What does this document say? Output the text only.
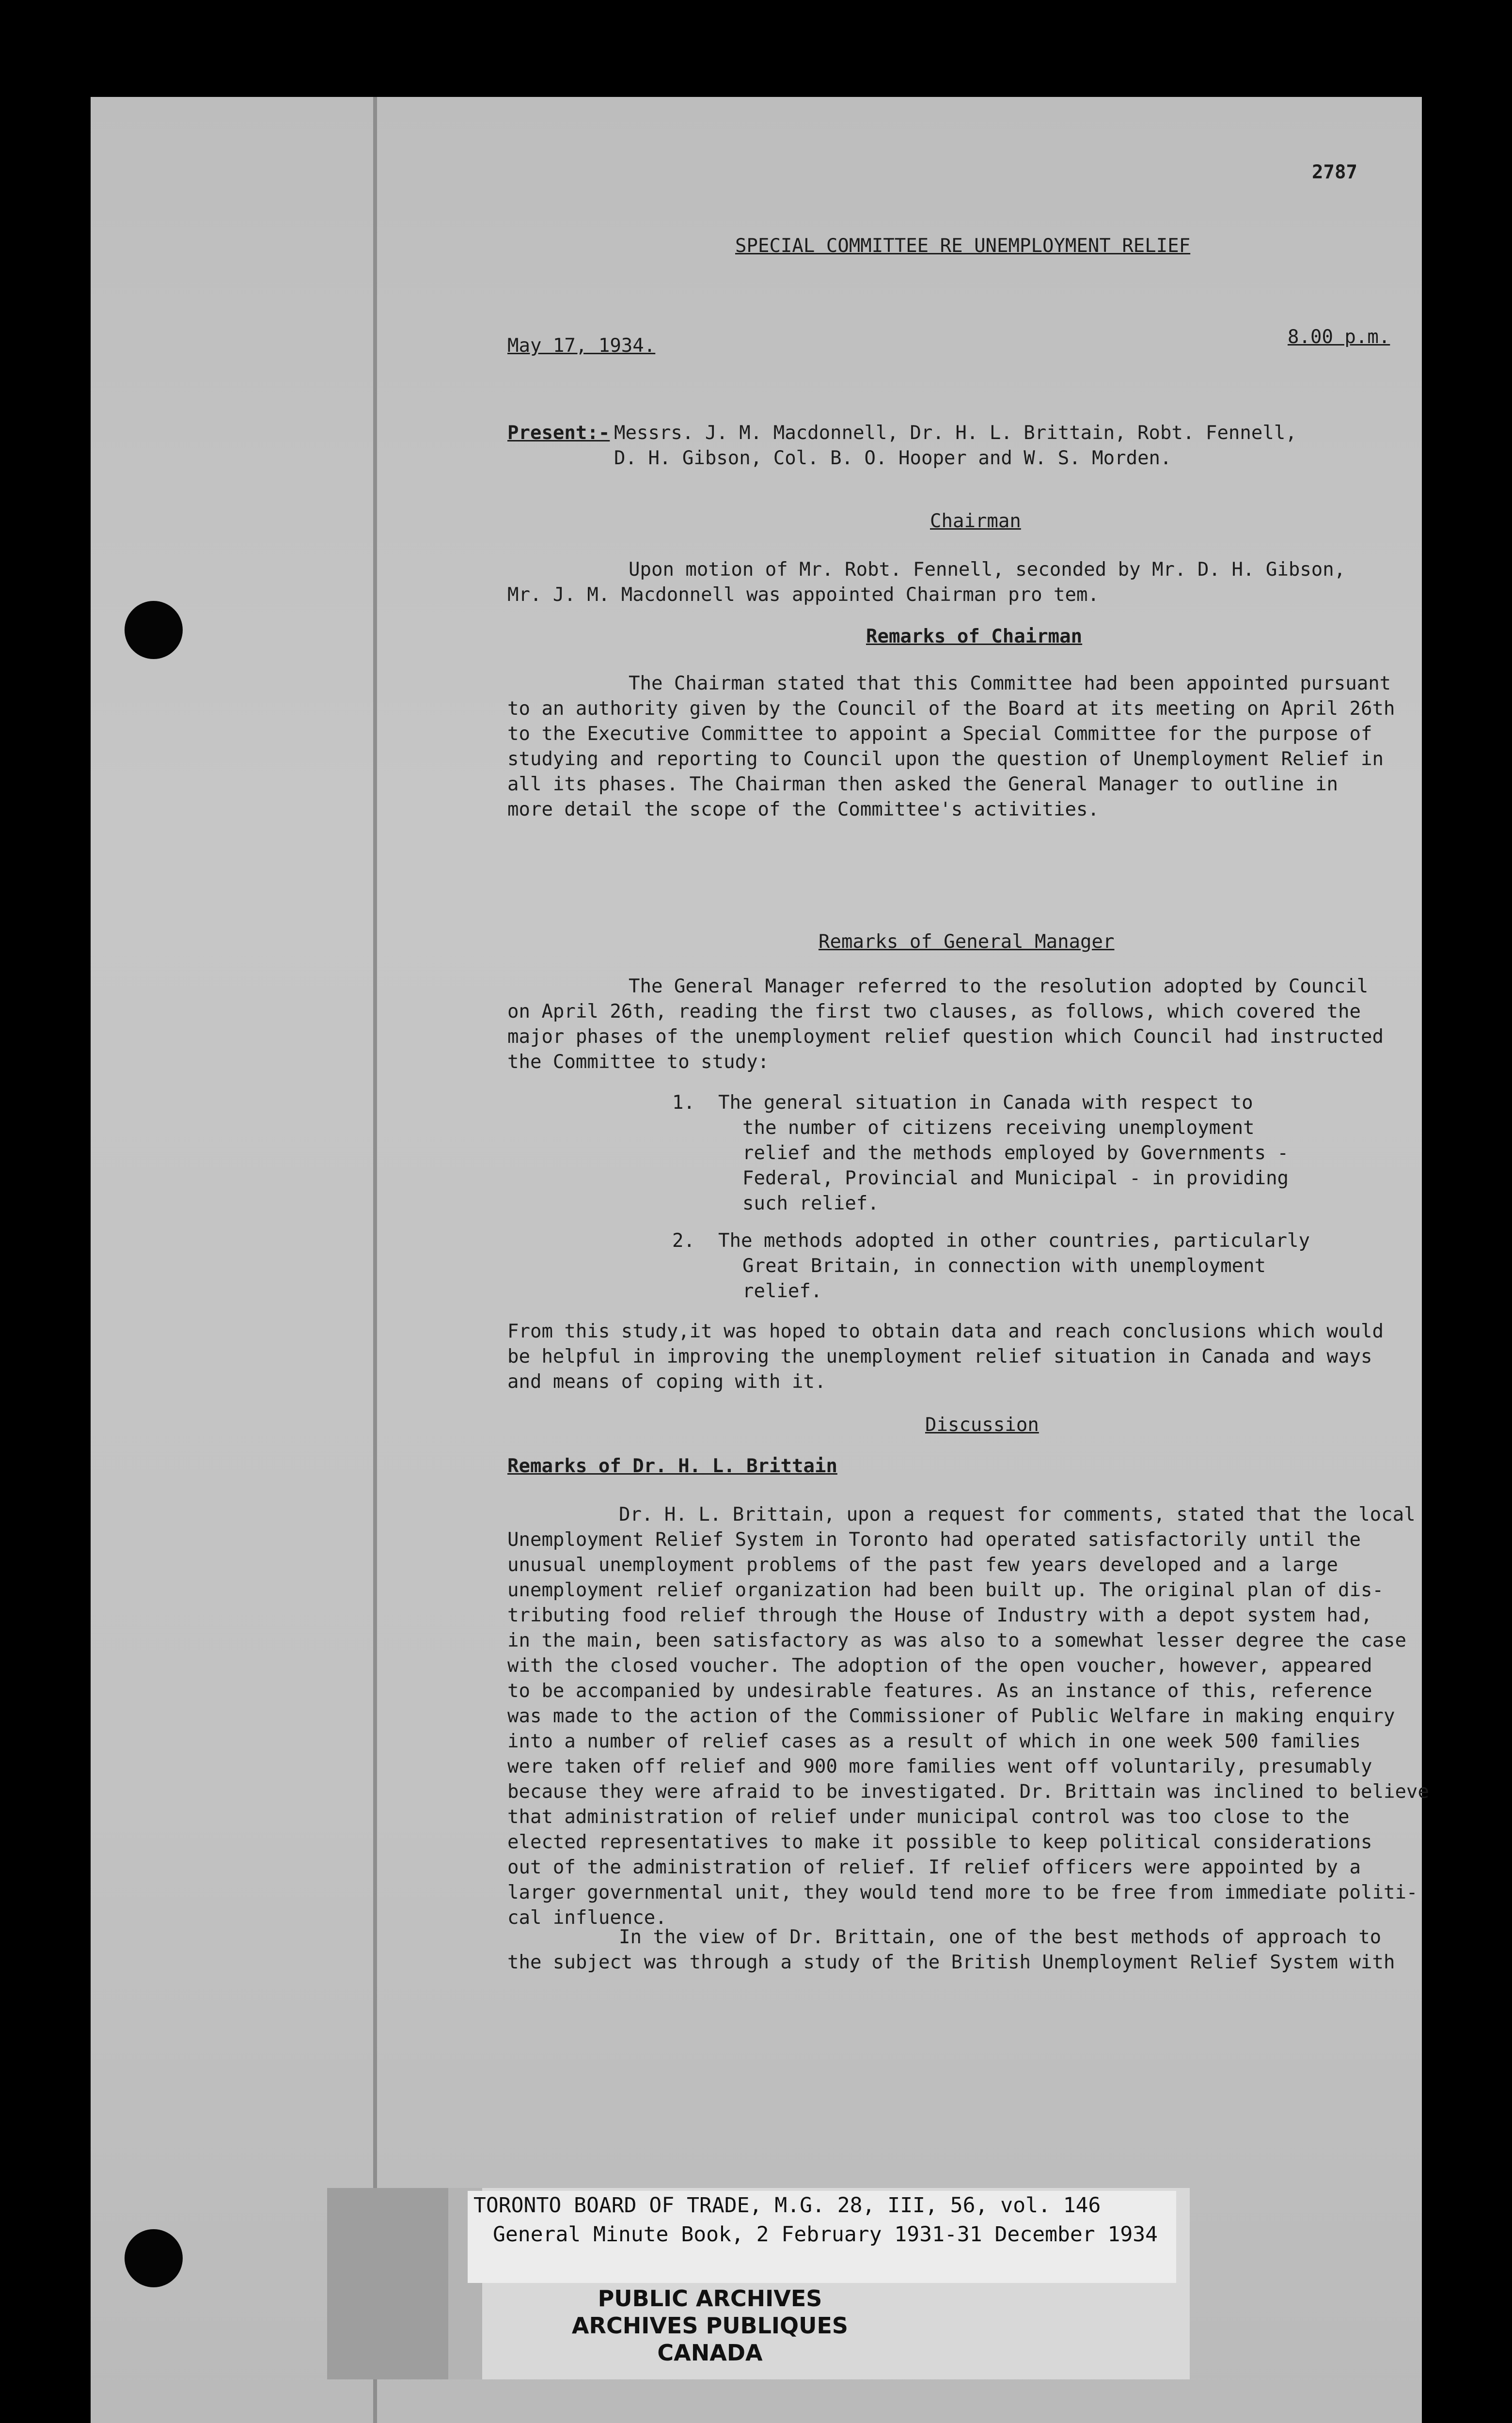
2787
SPECIAL COMMITTEE RE UNEMPLOYMENT RELIEF
May 17, 1934.	8.00 p.m.
Present:- Messrs. J. M. Macdonnell, Dr. H. L. Brittain, Robt. Fennell,
D. H. Gibson, Col. B. O. Hooper and W. S. Morden.
Chairman
Upon motion of Mr. Robt. Fennell, seconded by Mr. D. H. Gibson,
Mr. J. M. Macdonnell was appointed Chairman pro tem.
Remarks of Chairman
The Chairman stated that this Committee had been appointed pursuant
to an authority given by the Council of the Board at its meeting on April 26th
to the Executive Committee to appoint a Special Committee for the purpose of
studying and reporting to Council upon the question of Unemployment Relief in
all its phases. The Chairman then asked the General Manager to outline in
more detail the scope of the Committee's activities.
Remarks of General Manager
The General Manager referred to the resolution adopted by Council
on April 26th, reading the first two clauses, as follows, which covered the
major phases of the unemployment relief question which Council had instructed
the Committee to study:
1. The general situation in Canada with respect to
the number of citizens receiving unemployment
relief and the methods employed by Governments -
Federal, Provincial and Municipal - in providing
such relief.
2. The methods adopted in other countries, particularly
Great Britain, in connection with unemployment
relief.
From this study,it was hoped to obtain data and reach conclusions which would
be helpful in improving the unemployment relief situation in Canada and ways
and means of coping with it.
Discussion
Remarks of Dr. H. L. Brittain
Dr. H. L. Brittain, upon a request for comments, stated that the local
Unemployment Relief System in Toronto had operated satisfactorily until the
unusual unemployment problems of the past few years developed and a large
unemployment relief organization had been built up. The original plan of dis-
tributing food relief through the House of Industry with a depot system had,
in the main, been satisfactory as was also to a somewhat lesser degree the case
with the closed voucher. The adoption of the open voucher, however, appeared
to be accompanied by undesirable features. As an instance of this, reference
was made to the action of the Commissioner of Public Welfare in making enquiry
into a number of relief cases as a result of which in one week 500 families
were taken off relief and 900 more families went off voluntarily, presumably
because they were afraid to be investigated. Dr. Brittain was inclined to believe
that administration of relief under municipal control was too close to the
elected representatives to make it possible to keep political considerations
out of the administration of relief. If relief officers were appointed by a
larger governmental unit, they would tend more to be free from immediate politi-
cal influence.
In the view of Dr. Brittain, one of the best methods of approach to
the subject was through a study of the British Unemployment Relief System with
TORONTO BOARD OF TRADE, M.G. 28, III, 56, vol. 146
General Minute Book, 2 February 1931-31 December 1934
PUBLIC ARCHIVES
ARCHIVES PUBLIQUES
CANADA
